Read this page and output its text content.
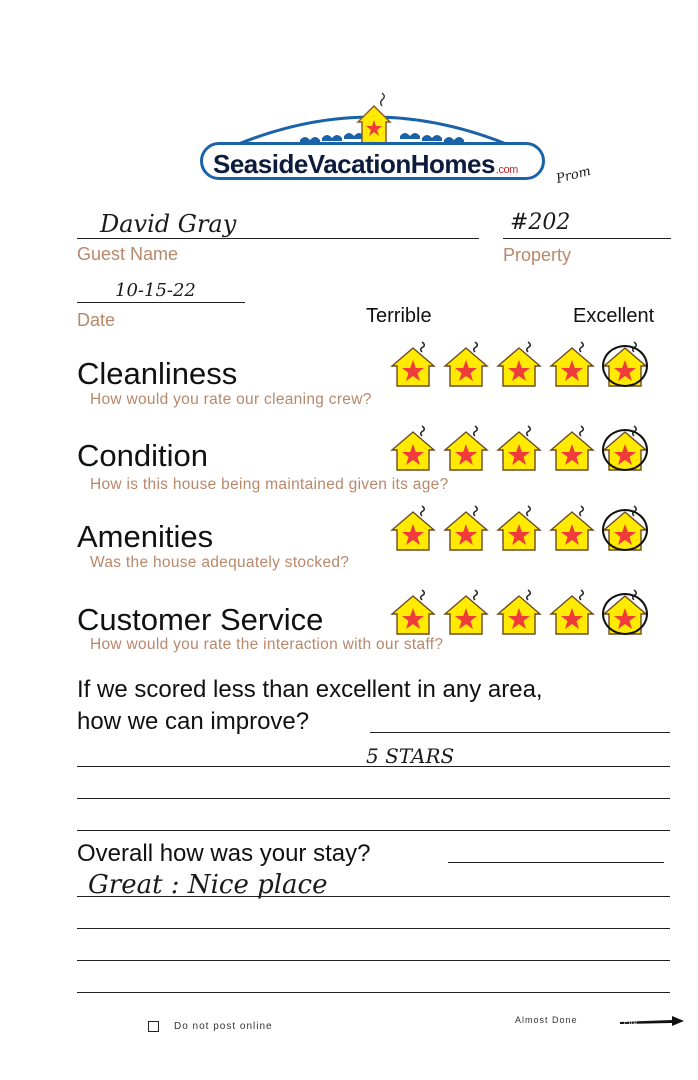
SeasideVacationHomes.com
David Gray
Guest Name
Prom
#202
Property
10-15-22
Date	Terrible	Excellent
Cleanliness
How would you rate our cleaning crew?
Condition
How is this house being maintained given its age?
Amenities
Was the house adequately stocked?
Customer Service
How would you rate the interaction with our staff?
If we scored less than excellent in any area,
how we can improve?
5 STARS
Overall how was your stay?
Great : Nice place
Do not post online
Almost Done	Flip
